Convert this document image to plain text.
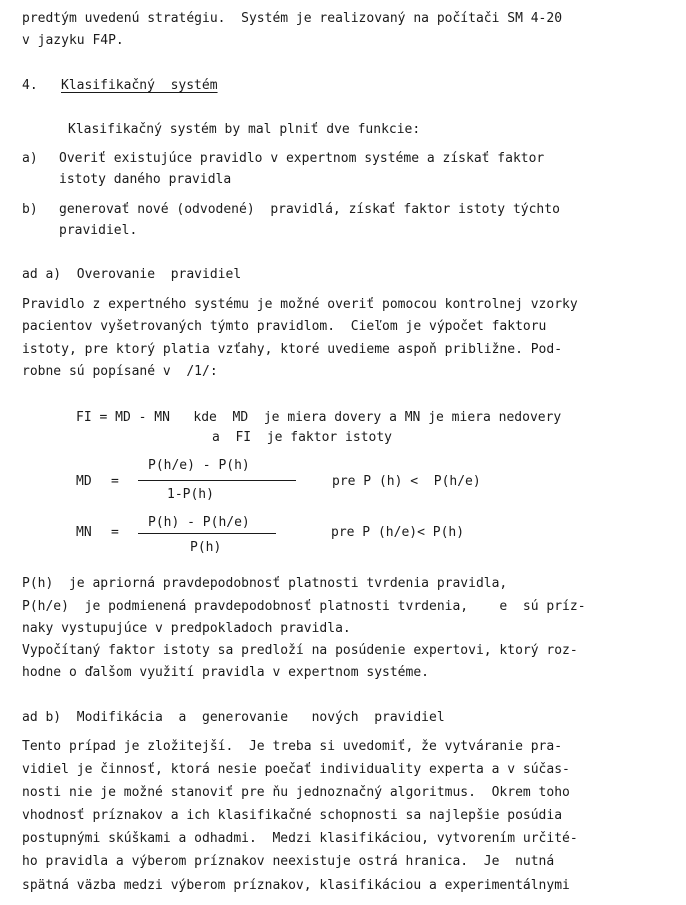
predtým uvedenú stratégiu.  Systém je realizovaný na počítači SM 4-20
v jazyku F4P.
4. Klasifikačný  systém
Klasifikačný systém by mal plniť dve funkcie:
a) Overiť existujúce pravidlo v expertnom systéme a získať faktor
istoty daného pravidla
b) generovať nové (odvodené)  pravidlá, získať faktor istoty týchto
pravidiel.
ad a)  Overovanie  pravidiel
Pravidlo z expertného systému je možné overiť pomocou kontrolnej vzorky
pacientov vyšetrovaných týmto pravidlom.  Cieľom je výpočet faktoru
istoty, pre ktorý platia vzťahy, ktoré uvedieme aspoň približne. Pod-
robne sú popísané v  /1/:
FI = MD - MN   kde  MD  je miera dovery a MN je miera nedovery
a  FI  je faktor istoty
MD =
P(h/e) - P(h)
1-P(h)
pre P (h) <  P(h/e)
MN =
P(h) - P(h/e)
P(h)
pre P (h/e)< P(h)
P(h)  je apriorná pravdepodobnosť platnosti tvrdenia pravidla,
P(h/e)  je podmienená pravdepodobnosť platnosti tvrdenia,    e  sú príz-
naky vystupujúce v predpokladoch pravidla.
Vypočítaný faktor istoty sa predloží na posúdenie expertovi, ktorý roz-
hodne o ďalšom využití pravidla v expertnom systéme.
ad b)  Modifikácia  a  generovanie   nových  pravidiel
Tento prípad je zložitejší.  Je treba si uvedomiť, že vytváranie pra-
vidiel je činnosť, ktorá nesie poečať individuality experta a v súčas-
nosti nie je možné stanoviť pre ňu jednoznačný algoritmus.  Okrem toho
vhodnosť príznakov a ich klasifikačné schopnosti sa najlepšie posúdia
postupnými skúškami a odhadmi.  Medzi klasifikáciou, vytvorením určité-
ho pravidla a výberom príznakov neexistuje ostrá hranica.  Je  nutná
spätná väzba medzi výberom príznakov, klasifikáciou a experimentálnymi
